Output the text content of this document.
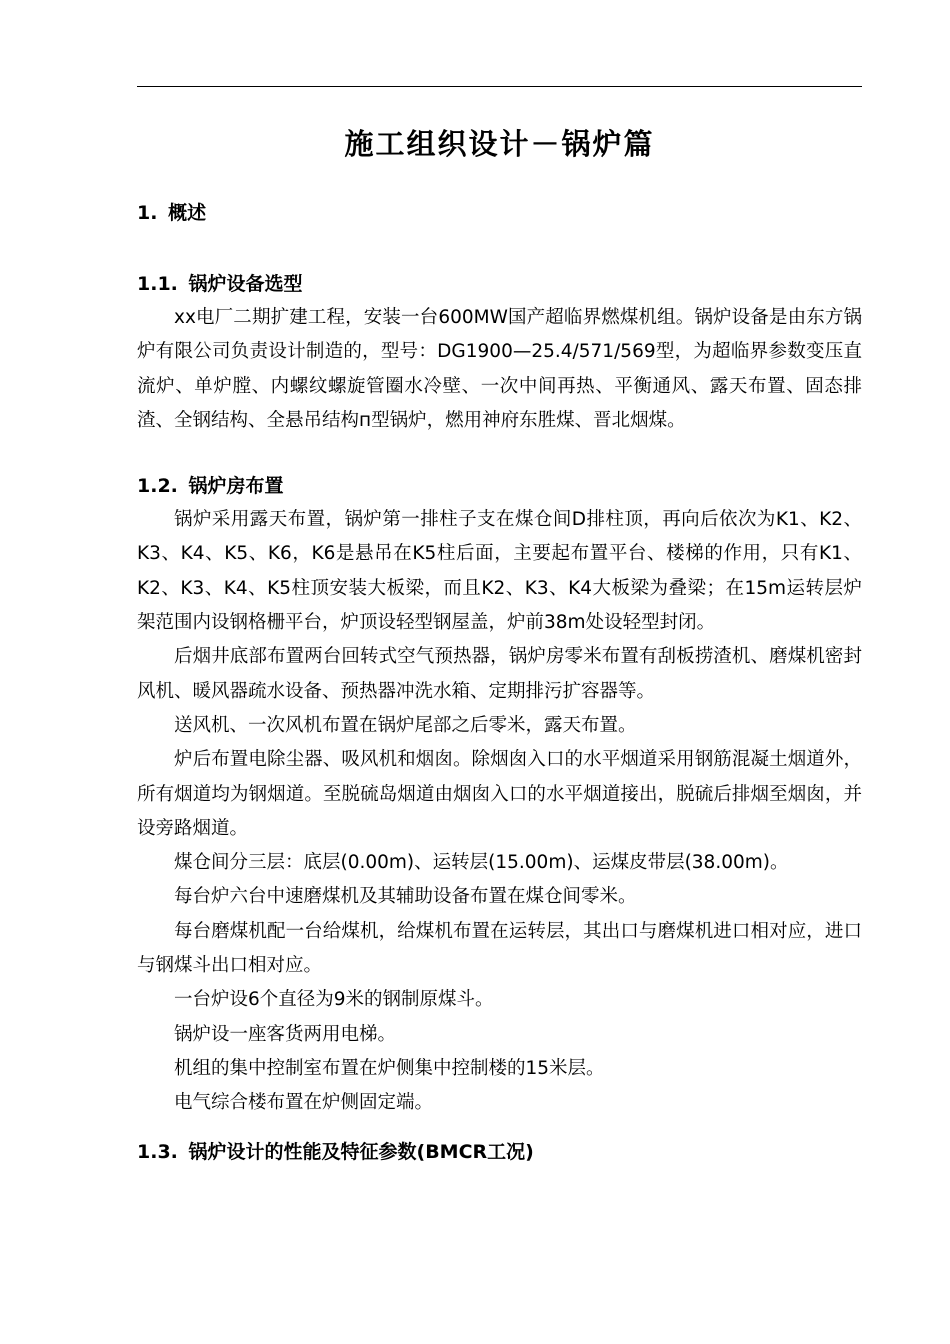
施工组织设计－锅炉篇
1. 概述
1.1. 锅炉设备选型

xx电厂二期扩建工程，安装一台600MW国产超临界燃煤机组。锅炉设备是由东方锅炉有限公司负责设计制造的，型号：DG1900—25.4/571/569型，为超临界参数变压直流炉、单炉膛、内螺纹螺旋管圈水冷壁、一次中间再热、平衡通风、露天布置、固态排渣、全钢结构、全悬吊结构п型锅炉，燃用神府东胜煤、晋北烟煤。

1.2. 锅炉房布置

锅炉采用露天布置，锅炉第一排柱子支在煤仓间D排柱顶，再向后依次为K1、K2、K3、K4、K5、K6，K6是悬吊在K5柱后面，主要起布置平台、楼梯的作用，只有K1、K2、K3、K4、K5柱顶安装大板梁，而且K2、K3、K4大板梁为叠梁；在15m运转层炉架范围内设钢格栅平台，炉顶设轻型钢屋盖，炉前38m处设轻型封闭。

后烟井底部布置两台回转式空气预热器，锅炉房零米布置有刮板捞渣机、磨煤机密封风机、暖风器疏水设备、预热器冲洗水箱、定期排污扩容器等。

送风机、一次风机布置在锅炉尾部之后零米，露天布置。

炉后布置电除尘器、吸风机和烟囱。除烟囱入口的水平烟道采用钢筋混凝土烟道外，所有烟道均为钢烟道。至脱硫岛烟道由烟囱入口的水平烟道接出，脱硫后排烟至烟囱，并设旁路烟道。

煤仓间分三层：底层(0.00m)、运转层(15.00m)、运煤皮带层(38.00m)。

每台炉六台中速磨煤机及其辅助设备布置在煤仓间零米。

每台磨煤机配一台给煤机，给煤机布置在运转层，其出口与磨煤机进口相对应，进口与钢煤斗出口相对应。

一台炉设6个直径为9米的钢制原煤斗。

锅炉设一座客货两用电梯。

机组的集中控制室布置在炉侧集中控制楼的15米层。

电气综合楼布置在炉侧固定端。

1.3. 锅炉设计的性能及特征参数(BMCR工况)
